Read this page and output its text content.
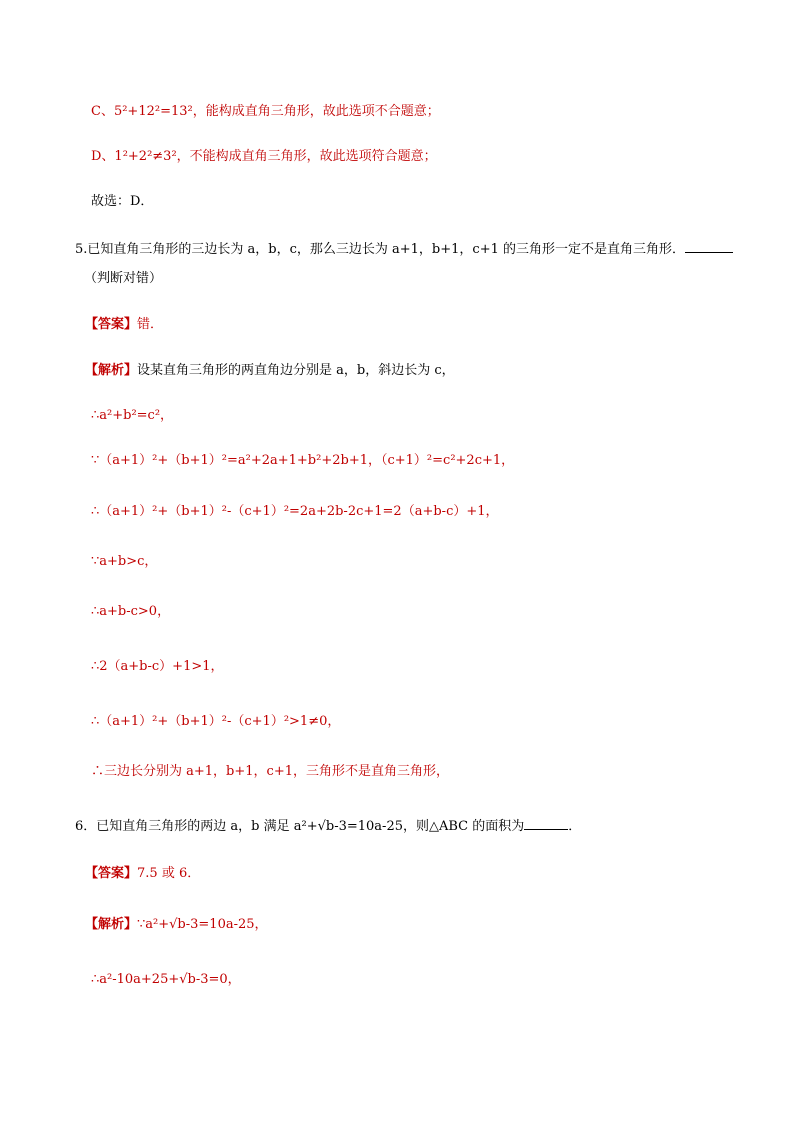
C、5²+12²=13²，能构成直角三角形，故此选项不合题意；
D、1²+2²≠3²，不能构成直角三角形，故此选项符合题意；
故选：D．
5.已知直角三角形的三边长为 a，b，c，那么三边长为 a+1，b+1，c+1 的三角形一定不是直角三角形．
（判断对错）
【答案】错．
【解析】设某直角三角形的两直角边分别是 a，b，斜边长为 c，
∴a²+b²=c²，
∵（a+1）²+（b+1）²=a²+2a+1+b²+2b+1，（c+1）²=c²+2c+1，
∴（a+1）²+（b+1）²-（c+1）²=2a+2b-2c+1=2（a+b-c）+1，
∵a+b>c，
∴a+b-c>0，
∴2（a+b-c）+1>1，
∴（a+1）²+（b+1）²-（c+1）²>1≠0，
∴三边长分别为 a+1，b+1，c+1，三角形不是直角三角形，
6．已知直角三角形的两边 a，b 满足 a²+√b-3=10a-25，则△ABC 的面积为	．
【答案】7.5 或 6．
【解析】∵a²+√b-3=10a-25，
∴a²-10a+25+√b-3=0，
